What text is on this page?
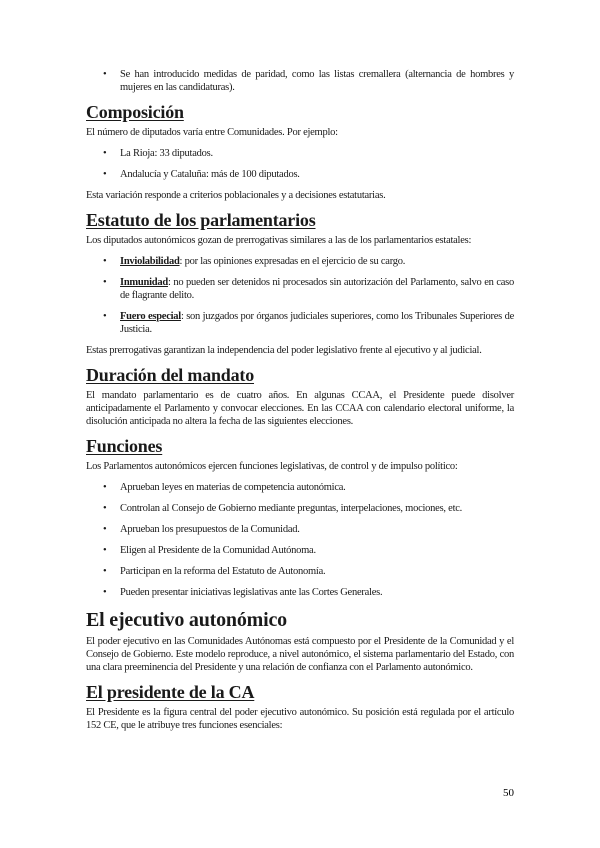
• Se han introducido medidas de paridad, como las listas cremallera (alternancia de hombres y mujeres en las candidaturas).
Composición

El número de diputados varía entre Comunidades. Por ejemplo:

• La Rioja: 33 diputados.
• Andalucía y Cataluña: más de 100 diputados.

Esta variación responde a criterios poblacionales y a decisiones estatutarias.

Estatuto de los parlamentarios

Los diputados autonómicos gozan de prerrogativas similares a las de los parlamentarios estatales:

• Inviolabilidad: por las opiniones expresadas en el ejercicio de su cargo.
• Inmunidad: no pueden ser detenidos ni procesados sin autorización del Parlamento, salvo en caso de flagrante delito.
• Fuero especial: son juzgados por órganos judiciales superiores, como los Tribunales Superiores de Justicia.

Estas prerrogativas garantizan la independencia del poder legislativo frente al ejecutivo y al judicial.

Duración del mandato

El mandato parlamentario es de cuatro años. En algunas CCAA, el Presidente puede disolver anticipadamente el Parlamento y convocar elecciones. En las CCAA con calendario electoral uniforme, la disolución anticipada no altera la fecha de las siguientes elecciones.

Funciones

Los Parlamentos autonómicos ejercen funciones legislativas, de control y de impulso político:

• Aprueban leyes en materias de competencia autonómica.
• Controlan al Consejo de Gobierno mediante preguntas, interpelaciones, mociones, etc.
• Aprueban los presupuestos de la Comunidad.
• Eligen al Presidente de la Comunidad Autónoma.
• Participan en la reforma del Estatuto de Autonomía.
• Pueden presentar iniciativas legislativas ante las Cortes Generales.
El ejecutivo autonómico

El poder ejecutivo en las Comunidades Autónomas está compuesto por el Presidente de la Comunidad y el Consejo de Gobierno. Este modelo reproduce, a nivel autonómico, el sistema parlamentario del Estado, con una clara preeminencia del Presidente y una relación de confianza con el Parlamento autonómico.

El presidente de la CA

El Presidente es la figura central del poder ejecutivo autonómico. Su posición está regulada por el artículo 152 CE, que le atribuye tres funciones esenciales:

50
